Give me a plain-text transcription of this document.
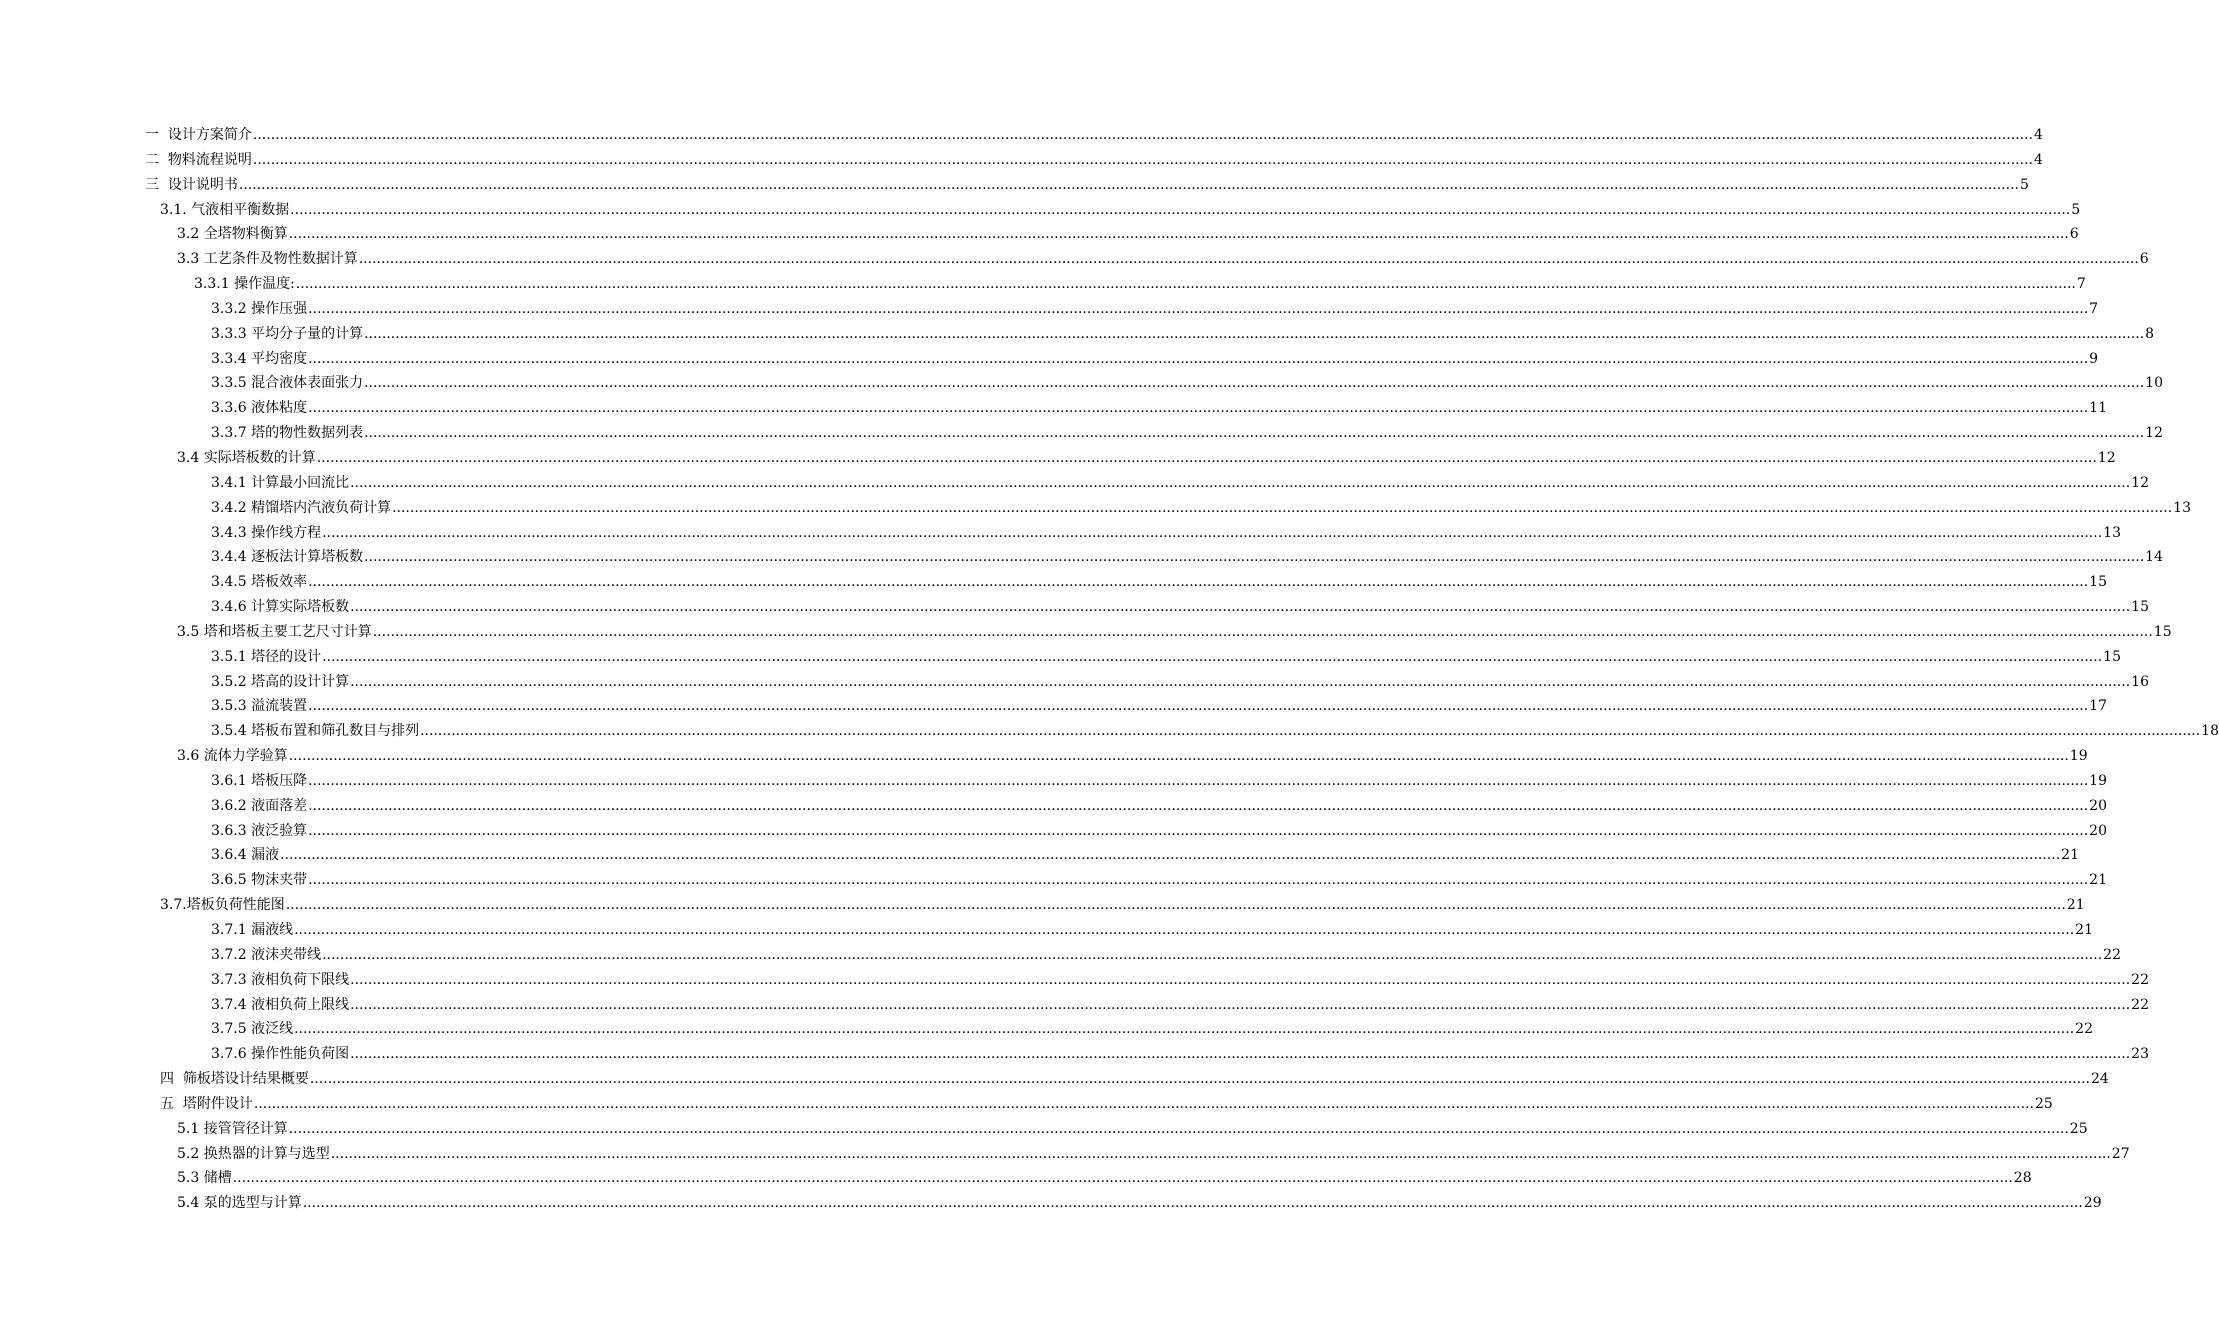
一  设计方案简介 ................................................................................................................................................................................................................................................................................................................................................................................................................ 4
二  物料流程说明 ................................................................................................................................................................................................................................................................................................................................................................................................................ 4
三  设计说明书 ................................................................................................................................................................................................................................................................................................................................................................................................................ 5
3.1. 气液相平衡数据 ................................................................................................................................................................................................................................................................................................................................................................................................................ 5
3.2 全塔物料衡算 ................................................................................................................................................................................................................................................................................................................................................................................................................ 6
3.3 工艺条件及物性数据计算 ................................................................................................................................................................................................................................................................................................................................................................................................................ 6
3.3.1 操作温度: ................................................................................................................................................................................................................................................................................................................................................................................................................ 7
3.3.2 操作压强 ................................................................................................................................................................................................................................................................................................................................................................................................................ 7
3.3.3 平均分子量的计算 ................................................................................................................................................................................................................................................................................................................................................................................................................ 8
3.3.4 平均密度 ................................................................................................................................................................................................................................................................................................................................................................................................................ 9
3.3.5 混合液体表面张力 ................................................................................................................................................................................................................................................................................................................................................................................................................ 10
3.3.6 液体粘度 ................................................................................................................................................................................................................................................................................................................................................................................................................ 11
3.3.7 塔的物性数据列表 ................................................................................................................................................................................................................................................................................................................................................................................................................ 12
3.4 实际塔板数的计算 ................................................................................................................................................................................................................................................................................................................................................................................................................ 12
3.4.1 计算最小回流比 ................................................................................................................................................................................................................................................................................................................................................................................................................ 12
3.4.2 精馏塔内汽液负荷计算 ................................................................................................................................................................................................................................................................................................................................................................................................................ 13
3.4.3 操作线方程 ................................................................................................................................................................................................................................................................................................................................................................................................................ 13
3.4.4 逐板法计算塔板数 ................................................................................................................................................................................................................................................................................................................................................................................................................ 14
3.4.5 塔板效率 ................................................................................................................................................................................................................................................................................................................................................................................................................ 15
3.4.6 计算实际塔板数 ................................................................................................................................................................................................................................................................................................................................................................................................................ 15
3.5 塔和塔板主要工艺尺寸计算 ................................................................................................................................................................................................................................................................................................................................................................................................................ 15
3.5.1 塔径的设计 ................................................................................................................................................................................................................................................................................................................................................................................................................ 15
3.5.2 塔高的设计计算 ................................................................................................................................................................................................................................................................................................................................................................................................................ 16
3.5.3 溢流装置 ................................................................................................................................................................................................................................................................................................................................................................................................................ 17
3.5.4 塔板布置和筛孔数目与排列 ................................................................................................................................................................................................................................................................................................................................................................................................................ 18
3.6 流体力学验算 ................................................................................................................................................................................................................................................................................................................................................................................................................ 19
3.6.1 塔板压降 ................................................................................................................................................................................................................................................................................................................................................................................................................ 19
3.6.2 液面落差 ................................................................................................................................................................................................................................................................................................................................................................................................................ 20
3.6.3 液泛验算 ................................................................................................................................................................................................................................................................................................................................................................................................................ 20
3.6.4 漏液 ................................................................................................................................................................................................................................................................................................................................................................................................................ 21
3.6.5 物沫夹带 ................................................................................................................................................................................................................................................................................................................................................................................................................ 21
3.7.塔板负荷性能图 ................................................................................................................................................................................................................................................................................................................................................................................................................ 21
3.7.1 漏液线 ................................................................................................................................................................................................................................................................................................................................................................................................................ 21
3.7.2 液沫夹带线 ................................................................................................................................................................................................................................................................................................................................................................................................................ 22
3.7.3 液相负荷下限线 ................................................................................................................................................................................................................................................................................................................................................................................................................ 22
3.7.4 液相负荷上限线 ................................................................................................................................................................................................................................................................................................................................................................................................................ 22
3.7.5 液泛线 ................................................................................................................................................................................................................................................................................................................................................................................................................ 22
3.7.6 操作性能负荷图 ................................................................................................................................................................................................................................................................................................................................................................................................................ 23
四  筛板塔设计结果概要 ................................................................................................................................................................................................................................................................................................................................................................................................................ 24
五  塔附件设计 ................................................................................................................................................................................................................................................................................................................................................................................................................ 25
5.1 接管管径计算 ................................................................................................................................................................................................................................................................................................................................................................................................................ 25
5.2 换热器的计算与选型 ................................................................................................................................................................................................................................................................................................................................................................................................................ 27
5.3 储槽 ................................................................................................................................................................................................................................................................................................................................................................................................................ 28
5.4 泵的选型与计算 ................................................................................................................................................................................................................................................................................................................................................................................................................ 29
